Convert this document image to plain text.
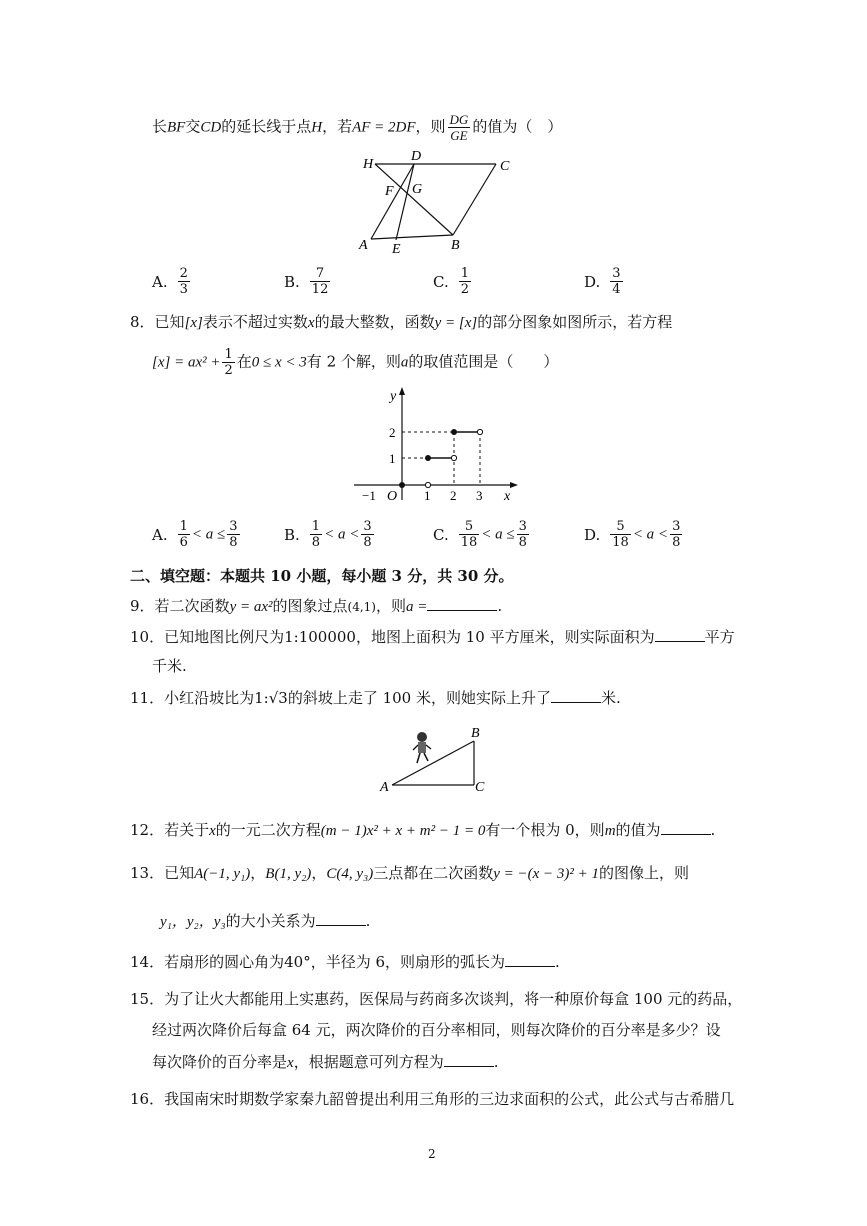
长BF交CD的延长线于点H，若AF = 2DF，则 $\frac{DG}{GE}$ 的值为（　）
H
D
C
F G
A E	B
A. $\frac{2}{3}$	B. $\frac{7}{12}$	C. $\frac{1}{2}$	D. $\frac{3}{4}$
8．已知[x]表示不超过实数x的最大整数，函数y = [x]的部分图象如图所示，若方程
$[x] = ax^2 + \frac{1}{2}$ 在0 ≤ x < 3有 2 个解，则a的取值范围是（　　）
y
x
O
−1	1 2 3
1
2
A. $\frac{1}{6} < a \le \frac{3}{8}$	B. $\frac{1}{8} < a < \frac{3}{8}$	C. $\frac{5}{18} < a \le \frac{3}{8}$	D. $\frac{5}{18} < a < \frac{3}{8}$
二、填空题：本题共 10 小题，每小题 3 分，共 30 分。
9．若二次函数y = ax²的图象过点(4,1)，则a =	.
10．已知地图比例尺为1:100000，地图上面积为 10 平方厘米，则实际面积为	平方
千米.
11．小红沿坡比为1:√3的斜坡上走了 100 米，则她实际上升了	米.
A
B
C
12．若关于x的一元二次方程(m − 1)x² + x + m² − 1 = 0有一个根为 0，则m的值为	.
13．已知A(−1, y₁)，B(1, y₂)，C(4, y₃)三点都在二次函数y = −(x − 3)² + 1的图像上，则
y₁，y₂，y₃的大小关系为	.
14．若扇形的圆心角为40°，半径为 6，则扇形的弧长为	.
15．为了让火大都能用上实惠药，医保局与药商多次谈判，将一种原价每盒 100 元的药品，
经过两次降价后每盒 64 元，两次降价的百分率相同，则每次降价的百分率是多少？设
每次降价的百分率是x，根据题意可列方程为	.
16．我国南宋时期数学家秦九韶曾提出利用三角形的三边求面积的公式，此公式与古希腊几
2
